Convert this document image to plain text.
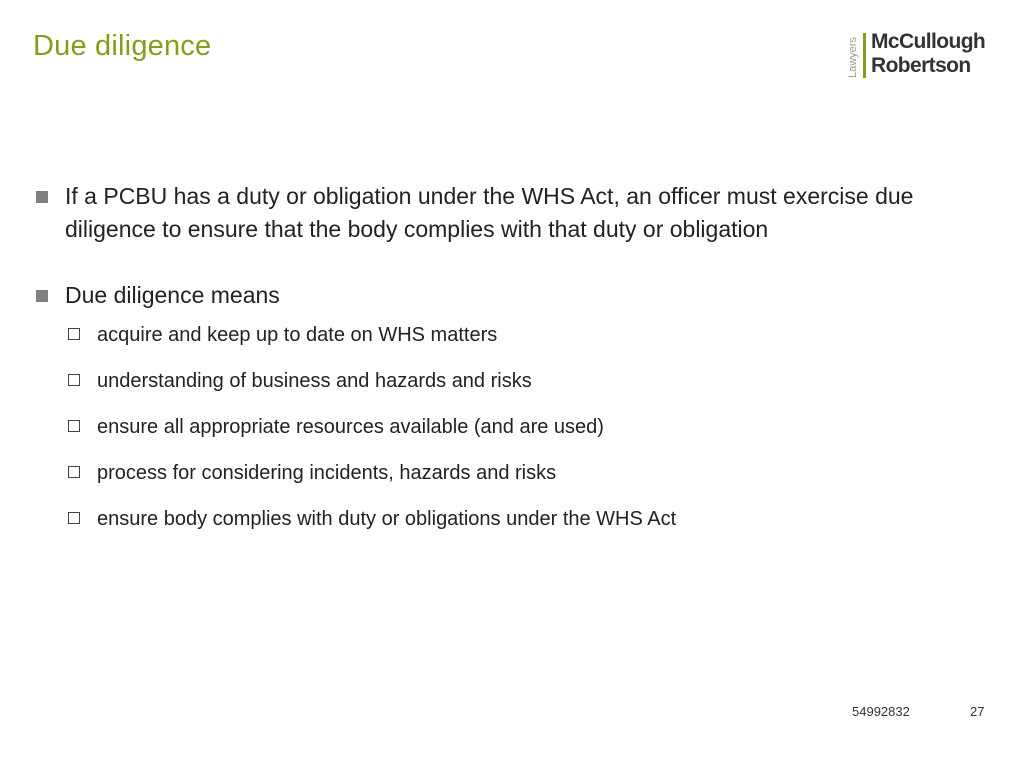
Due diligence	Lawyers McCullough
Robertson
If a PCBU has a duty or obligation under the WHS Act, an officer must exercise due diligence to ensure that the body complies with that duty or obligation
Due diligence means
acquire and keep up to date on WHS matters
understanding of business and hazards and risks
ensure all appropriate resources available (and are used)
process for considering incidents, hazards and risks
ensure body complies with duty or obligations under the WHS Act
54992832	27
